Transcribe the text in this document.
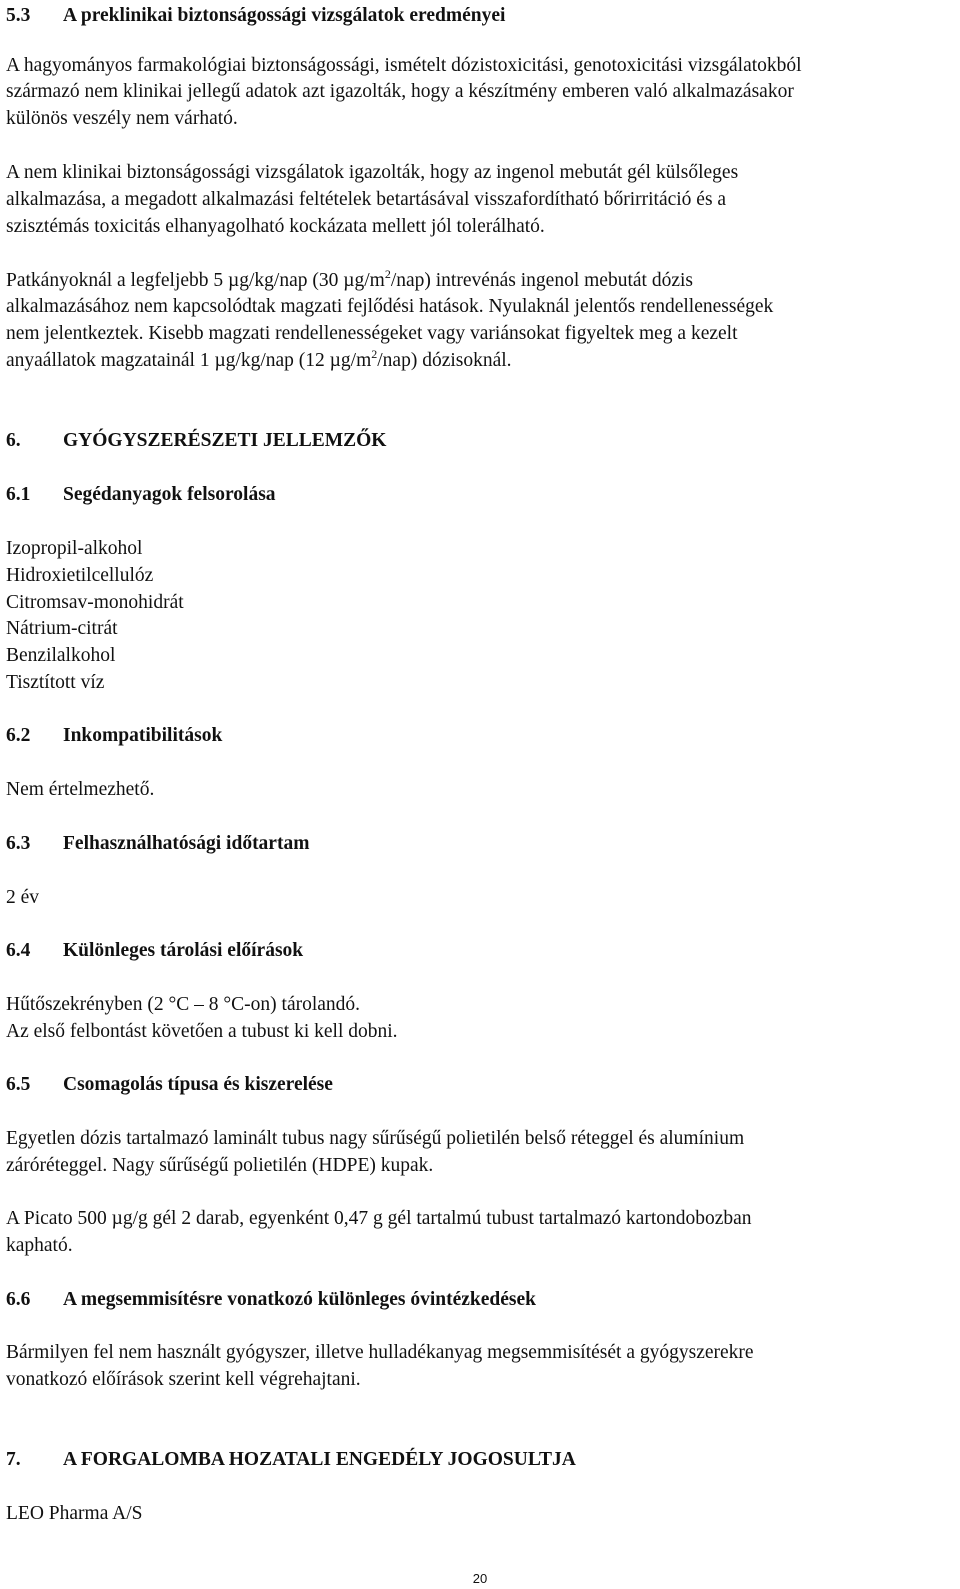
5.3 A preklinikai biztonságossági vizsgálatok eredményei
A hagyományos farmakológiai biztonságossági, ismételt dózistoxicitási, genotoxicitási vizsgálatokból
származó nem klinikai jellegű adatok azt igazolták, hogy a készítmény emberen való alkalmazásakor
különös veszély nem várható.
A nem klinikai biztonságossági vizsgálatok igazolták, hogy az ingenol mebutát gél külsőleges
alkalmazása, a megadott alkalmazási feltételek betartásával visszafordítható bőrirritáció és a
szisztémás toxicitás elhanyagolható kockázata mellett jól tolerálható.
Patkányoknál a legfeljebb 5 µg/kg/nap (30 $\mu g/m^2/nap$) intrevénás ingenol mebutát dózis
alkalmazásához nem kapcsolódtak magzati fejlődési hatások. Nyulaknál jelentős rendellenességek
nem jelentkeztek. Kisebb magzati rendellenességeket vagy variánsokat figyeltek meg a kezelt
anyaállatok magzatainál 1 µg/kg/nap (12 $\mu g/m^2/nap$) dózisoknál.
6. GYÓGYSZERÉSZETI JELLEMZŐK
6.1 Segédanyagok felsorolása
Izopropil-alkohol
Hidroxietilcellulóz
Citromsav-monohidrát
Nátrium-citrát
Benzilalkohol
Tisztított víz
6.2 Inkompatibilitások
Nem értelmezhető.
6.3 Felhasználhatósági időtartam
2 év
6.4 Különleges tárolási előírások
Hűtőszekrényben (2 °C – 8 °C-on) tárolandó.
Az első felbontást követően a tubust ki kell dobni.
6.5 Csomagolás típusa és kiszerelése
Egyetlen dózis tartalmazó laminált tubus nagy sűrűségű polietilén belső réteggel és alumínium
záróréteggel. Nagy sűrűségű polietilén (HDPE) kupak.
A Picato 500 µg/g gél 2 darab, egyenként 0,47 g gél tartalmú tubust tartalmazó kartondobozban
kapható.
6.6 A megsemmisítésre vonatkozó különleges óvintézkedések
Bármilyen fel nem használt gyógyszer, illetve hulladékanyag megsemmisítését a gyógyszerekre
vonatkozó előírások szerint kell végrehajtani.
7. A FORGALOMBA HOZATALI ENGEDÉLY JOGOSULTJA
LEO Pharma A/S
20
